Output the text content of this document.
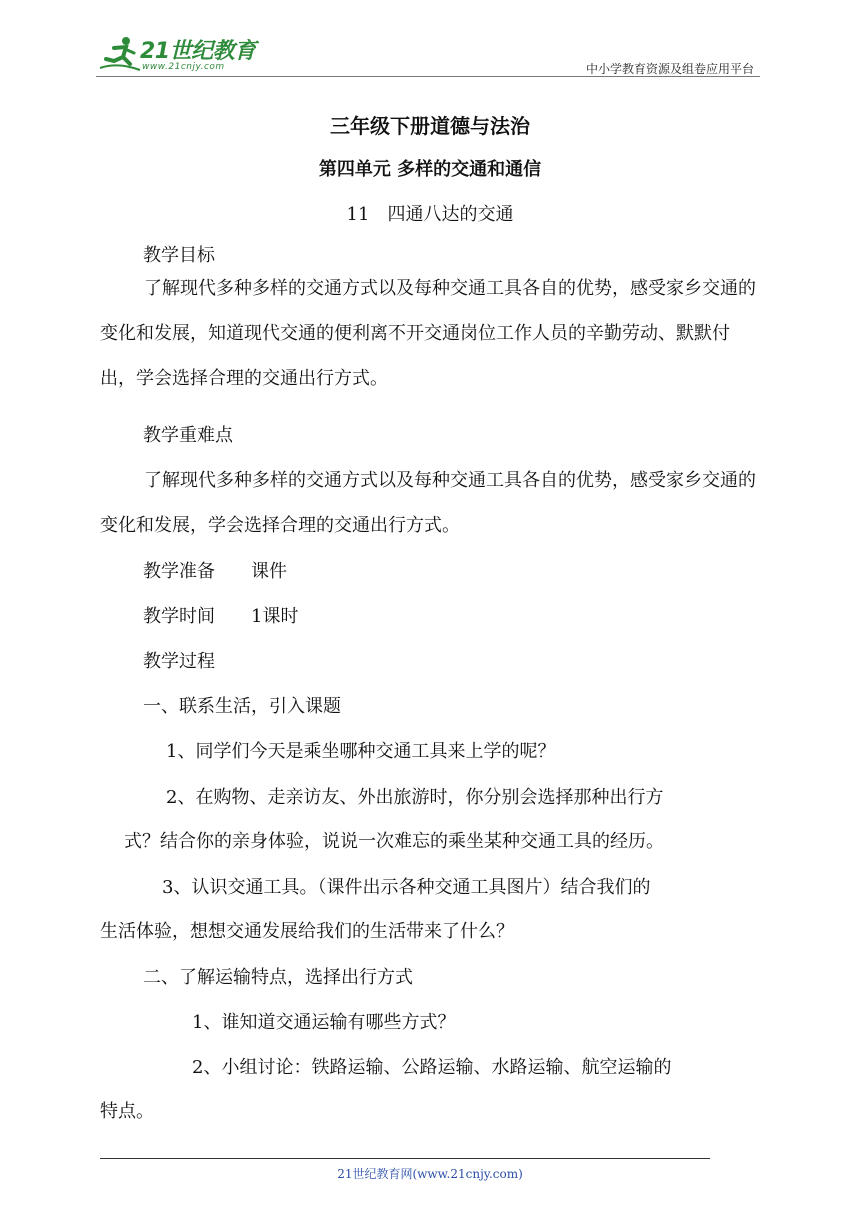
21世纪教育
www.21cnjy.com	中小学教育资源及组卷应用平台
三年级下册道德与法治
第四单元 多样的交通和通信
11　四通八达的交通
教学目标
了解现代多种多样的交通方式以及每种交通工具各自的优势，感受家乡交通的变化和发展，知道现代交通的便利离不开交通岗位工作人员的辛勤劳动、默默付出，学会选择合理的交通出行方式。
教学重难点
了解现代多种多样的交通方式以及每种交通工具各自的优势，感受家乡交通的变化和发展，学会选择合理的交通出行方式。
教学准备　　课件
教学时间　　1课时
教学过程
一、联系生活，引入课题
1、同学们今天是乘坐哪种交通工具来上学的呢？
2、在购物、走亲访友、外出旅游时，你分别会选择那种出行方
式？结合你的亲身体验，说说一次难忘的乘坐某种交通工具的经历。
3、认识交通工具。（课件出示各种交通工具图片）结合我们的
生活体验，想想交通发展给我们的生活带来了什么？
二、了解运输特点，选择出行方式
1、谁知道交通运输有哪些方式？
2、小组讨论：铁路运输、公路运输、水路运输、航空运输的
特点。
21世纪教育网(www.21cnjy.com)
